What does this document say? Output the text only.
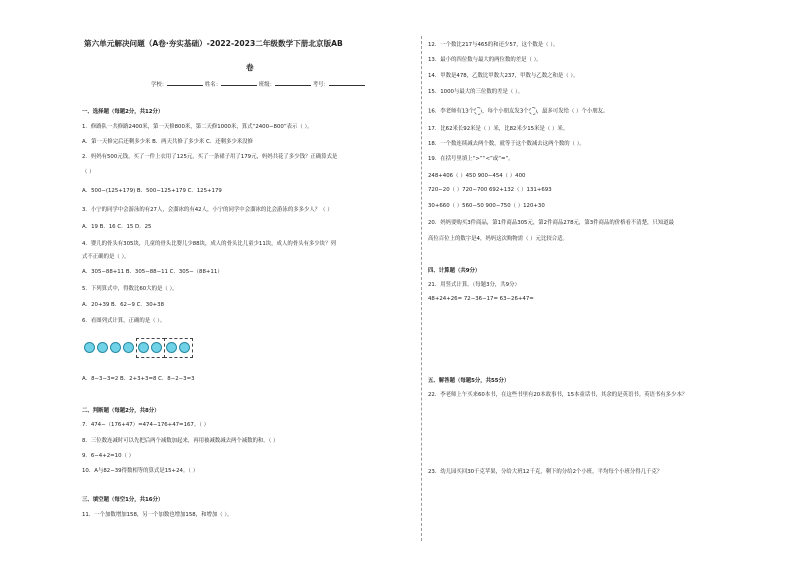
第六单元解决问题（A卷·夯实基础）-2022-2023二年级数学下册北京版AB
卷
学校：	姓名：	班级：	考号：
一、选择题（每题2分，共12分）
1．修路队一共修路2400米，第一天修800米，第二天修1000米，算式“2400−800”表示（ ）。
A．第一天修完后还剩多少米 B．两天共修了多少米 C．还剩多少米没修
2．妈妈有500元钱，买了一件上衣用了125元，买了一条裙子用了179元，妈妈共花了多少钱？正确算式是
（ ）
A．500−(125+179) B．500−125+179 C．125+179
3．小宁的同学中会游泳的有27人，会溜冰的有42人，小宁的同学中会溜冰的比会游泳的多多少人？（ ）
A．19 B．16 C．15 D．25
4．婴儿的骨头有305块，儿童的骨头比婴儿少88块，成人的骨头比儿童少11块，成人的骨头有多少块？列
式不正确的是（ ）。
A．305−88+11 B．305−88−11 C．305−（88+11）
5．下列算式中，得数比60大的是（ ）。
A．20+39 B．62−9 C．30+38
6．看图列式计算，正确的是（ ）。
A．8−3−3=2 B．2+3+3=8 C．8−2−3=3
二、判断题（每题2分，共8分）
7．474−（176+47）=474−176+47=167。（ ）
8．三位数连减时可以先把后两个减数加起来，再用被减数减去两个减数的和。（ ）
9．6−4+2=10（ ）
10．A与82−39得数相等的算式是15+24。（ ）
三、填空题（每空1分，共16分）
11．一个加数增加158，另一个加数也增加158，和增加（ ）。
12．一个数比217与465的和还少57，这个数是（ ）。
13．最小的四位数与最大的两位数的差是（ ）。
14．甲数是478，乙数比甲数大237，甲数与乙数之和是（ ）。
15．1000与最大的三位数的差是（ ）。
16．李老师有13个 ，每个小朋友发3个 ，最多可发给（ ）个小朋友。
17．比62米长92米是（ ）米，比82米少15米是（ ）米。
18．一个数连续减去两个数，就等于这个数减去这两个数的（ ）。
19．在括号里填上“>”“<”或“=”。
248+406（ ）450 900−454（ ）400
720−20（ ）720−700 692+132（ ）131+693
30+660（ ）560−50 900−750（ ）120+30
20．妈妈要购买3件商品，第1件商品305元，第2件商品278元，第3件商品的价格看不清楚，只知道最
高位百位上的数字是4，妈妈这次购物需（ ）元比较合适。
四、计算题（共9分）
21．用竖式计算。（每题3分，共9分）
48+24+26= 72−36−17= 63−26+47=
五、解答题（每题5分，共55分）
22．李老师上午买来60本书，在这些书里有20本故事书，15本童话书，其余的是英语书。英语书有多少本？
23．幼儿园买回30千克苹果，分给大班12千克，剩下的分给2个小班，平均每个小班分得几千克？
